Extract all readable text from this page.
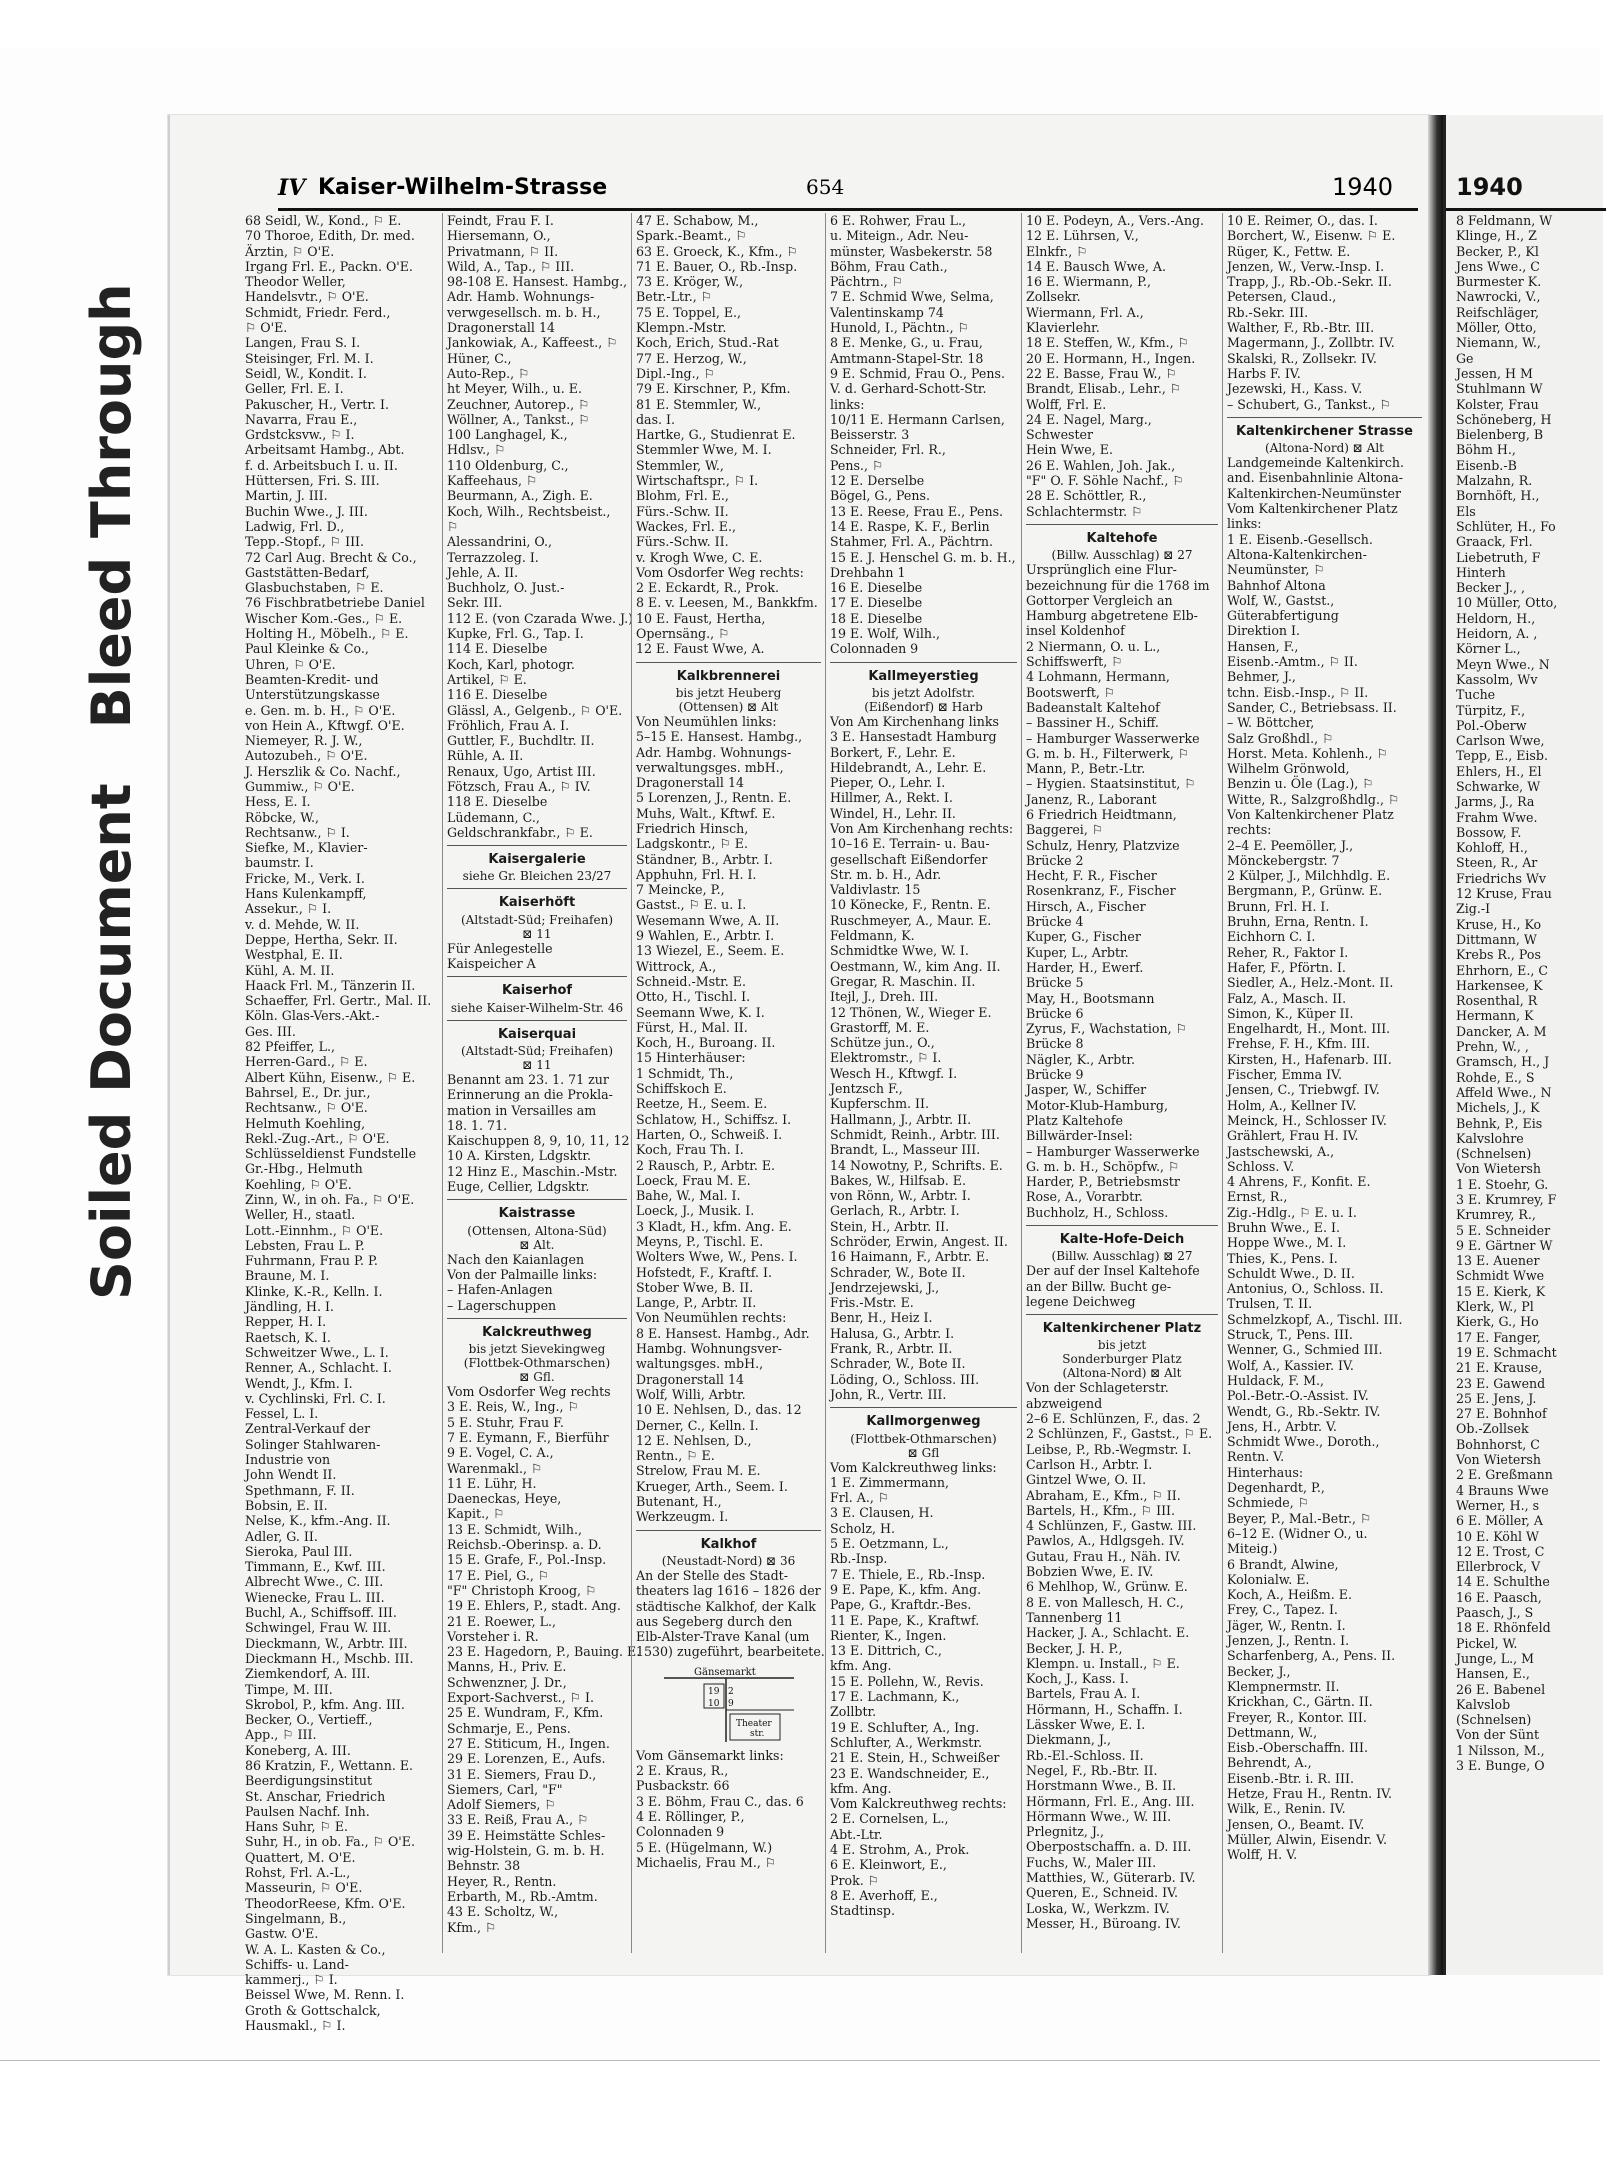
Soiled DocumentBleed Through
IV Kaiser-Wilhelm-Strasse	654	1940
68 Seidl, W., Kond., ⚐ E.
70 Thoroe, Edith, Dr. med.
Ärztin, ⚐ O'E.
Irgang Frl. E., Packn. O'E.
Theodor Weller,
Handelsvtr., ⚐ O'E.
Schmidt, Friedr. Ferd.,
⚐ O'E.
Langen, Frau S. I.
Steisinger, Frl. M. I.
Seidl, W., Kondit. I.
Geller, Frl. E. I.
Pakuscher, H., Vertr. I.
Navarra, Frau E.,
Grdstcksvw., ⚐ I.
Arbeitsamt Hambg., Abt.
f. d. Arbeitsbuch I. u. II.
Hüttersen, Fri. S. III.
Martin, J. III.
Buchin Wwe., J. III.
Ladwig, Frl. D.,
Tepp.-Stopf., ⚐ III.
72 Carl Aug. Brecht & Co.,
Gaststätten-Bedarf,
Glasbuchstaben, ⚐ E.
76 Fischbratbetriebe Daniel
Wischer Kom.-Ges., ⚐ E.
Holting H., Möbelh., ⚐ E.
Paul Kleinke & Co.,
Uhren, ⚐ O'E.
Beamten-Kredit- und
Unterstützungskasse
e. Gen. m. b. H., ⚐ O'E.
von Hein A., Kftwgf. O'E.
Niemeyer, R. J. W.,
Autozubeh., ⚐ O'E.
J. Herszlik & Co. Nachf.,
Gummiw., ⚐ O'E.
Hess, E. I.
Röbcke, W.,
Rechtsanw., ⚐ I.
Siefke, M., Klavier-
baumstr. I.
Fricke, M., Verk. I.
Hans Kulenkampff,
Assekur., ⚐ I.
v. d. Mehde, W. II.
Deppe, Hertha, Sekr. II.
Westphal, E. II.
Kühl, A. M. II.
Haack Frl. M., Tänzerin II.
Schaeffer, Frl. Gertr., Mal. II.
Köln. Glas-Vers.-Akt.-
Ges. III.
82 Pfeiffer, L.,
Herren-Gard., ⚐ E.
Albert Kühn, Eisenw., ⚐ E.
Bahrsel, E., Dr. jur.,
Rechtsanw., ⚐ O'E.
Helmuth Koehling,
Rekl.-Zug.-Art., ⚐ O'E.
Schlüsseldienst Fundstelle
Gr.-Hbg., Helmuth
Koehling, ⚐ O'E.
Zinn, W., in oh. Fa., ⚐ O'E.
Weller, H., staatl.
Lott.-Einnhm., ⚐ O'E.
Lebsten, Frau L. P.
Fuhrmann, Frau P. P.
Braune, M. I.
Klinke, K.-R., Kelln. I.
Jändling, H. I.
Repper, H. I.
Raetsch, K. I.
Schweitzer Wwe., L. I.
Renner, A., Schlacht. I.
Wendt, J., Kfm. I.
v. Cychlinski, Frl. C. I.
Fessel, L. I.
Zentral-Verkauf der
Solinger Stahlwaren-
Industrie von
John Wendt II.
Spethmann, F. II.
Bobsin, E. II.
Nelse, K., kfm.-Ang. II.
Adler, G. II.
Sieroka, Paul III.
Timmann, E., Kwf. III.
Albrecht Wwe., C. III.
Wienecke, Frau L. III.
Buchl, A., Schiffsoff. III.
Schwingel, Frau W. III.
Dieckmann, W., Arbtr. III.
Dieckmann H., Mschb. III.
Ziemkendorf, A. III.
Timpe, M. III.
Skrobol, P., kfm. Ang. III.
Becker, O., Vertieff.,
App., ⚐ III.
Koneberg, A. III.
86 Kratzin, F., Wettann. E.
Beerdigungsinstitut
St. Anschar, Friedrich
Paulsen Nachf. Inh.
Hans Suhr, ⚐ E.
Suhr, H., in ob. Fa., ⚐ O'E.
Quattert, M. O'E.
Rohst, Frl. A.-L.,
Masseurin, ⚐ O'E.
TheodorReese, Kfm. O'E.
Singelmann, B.,
Gastw. O'E.
W. A. L. Kasten & Co.,
Schiffs- u. Land-
kammerj., ⚐ I.
Beissel Wwe, M. Renn. I.
Groth & Gottschalck,
Hausmakl., ⚐ I.
Feindt, Frau F. I.
Hiersemann, O.,
Privatmann, ⚐ II.
Wild, A., Tap., ⚐ III.
98-108 E. Hansest. Hambg.,
Adr. Hamb. Wohnungs-
verwgesellsch. m. b. H.,
Dragonerstall 14
Jankowiak, A., Kaffeest., ⚐
Hüner, C.,
Auto-Rep., ⚐
ht Meyer, Wilh., u. E.
Zeuchner, Autorep., ⚐
Wöllner, A., Tankst., ⚐
100 Langhagel, K.,
Hdlsv., ⚐
110 Oldenburg, C.,
Kaffeehaus, ⚐
Beurmann, A., Zigh. E.
Koch, Wilh., Rechtsbeist.,
⚐
Alessandrini, O.,
Terrazzoleg. I.
Jehle, A. II.
Buchholz, O. Just.-
Sekr. III.
112 E. (von Czarada Wwe. J.)
Kupke, Frl. G., Tap. I.
114 E. Dieselbe
Koch, Karl, photogr.
Artikel, ⚐ E.
116 E. Dieselbe
Glässl, A., Gelgenb., ⚐ O'E.
Fröhlich, Frau A. I.
Guttler, F., Buchdltr. II.
Rühle, A. II.
Renaux, Ugo, Artist III.
Fötzsch, Frau A., ⚐ IV.
118 E. Dieselbe
Lüdemann, C.,
Geldschrankfabr., ⚐ E.
Kaisergalerie
siehe Gr. Bleichen 23/27
Kaiserhöft
(Altstadt-Süd; Freihafen)
⊠ 11
Für Anlegestelle
Kaispeicher A
Kaiserhof
siehe Kaiser-Wilhelm-Str. 46
Kaiserquai
(Altstadt-Süd; Freihafen)
⊠ 11
Benannt am 23. 1. 71 zur
Erinnerung an die Prokla-
mation in Versailles am
18. 1. 71.
Kaischuppen 8, 9, 10, 11, 12
10 A. Kirsten, Ldgsktr.
12 Hinz E., Maschin.-Mstr.
Euge, Cellier, Ldgsktr.
Kaistrasse
(Ottensen, Altona-Süd)
⊠ Alt.
Nach den Kaianlagen
Von der Palmaille links:
– Hafen-Anlagen
– Lagerschuppen
Kalckreuthweg
bis jetzt Sievekingweg
(Flottbek-Othmarschen)
⊠ Gfl.
Vom Osdorfer Weg rechts
3 E. Reis, W., Ing., ⚐
5 E. Stuhr, Frau F.
7 E. Eymann, F., Bierführ
9 E. Vogel, C. A.,
Warenmakl., ⚐
11 E. Lühr, H.
Daeneckas, Heye,
Kapit., ⚐
13 E. Schmidt, Wilh.,
Reichsb.-Oberinsp. a. D.
15 E. Grafe, F., Pol.-Insp.
17 E. Piel, G., ⚐
"F" Christoph Kroog, ⚐
19 E. Ehlers, P., stadt. Ang.
21 E. Roewer, L.,
Vorsteher i. R.
23 E. Hagedorn, P., Bauing. E.
Manns, H., Priv. E.
Schwenzner, J. Dr.,
Export-Sachverst., ⚐ I.
25 E. Wundram, F., Kfm.
Schmarje, E., Pens.
27 E. Stiticum, H., Ingen.
29 E. Lorenzen, E., Aufs.
31 E. Siemers, Frau D.,
Siemers, Carl, "F"
Adolf Siemers, ⚐
33 E. Reiß, Frau A., ⚐
39 E. Heimstätte Schles-
wig-Holstein, G. m. b. H.
Behnstr. 38
Heyer, R., Rentn.
Erbarth, M., Rb.-Amtm.
43 E. Scholtz, W.,
Kfm., ⚐
47 E. Schabow, M.,
Spark.-Beamt., ⚐
63 E. Groeck, K., Kfm., ⚐
71 E. Bauer, O., Rb.-Insp.
73 E. Kröger, W.,
Betr.-Ltr., ⚐
75 E. Toppel, E.,
Klempn.-Mstr.
Koch, Erich, Stud.-Rat
77 E. Herzog, W.,
Dipl.-Ing., ⚐
79 E. Kirschner, P., Kfm.
81 E. Stemmler, W.,
das. I.
Hartke, G., Studienrat E.
Stemmler Wwe, M. I.
Stemmler, W.,
Wirtschaftspr., ⚐ I.
Blohm, Frl. E.,
Fürs.-Schw. II.
Wackes, Frl. E.,
Fürs.-Schw. II.
v. Krogh Wwe, C. E.
Vom Osdorfer Weg rechts:
2 E. Eckardt, R., Prok.
8 E. v. Leesen, M., Bankkfm.
10 E. Faust, Hertha,
Opernsäng., ⚐
12 E. Faust Wwe, A.
Kalkbrennerei
bis jetzt Heuberg
(Ottensen) ⊠ Alt
Von Neumühlen links:
5–15 E. Hansest. Hambg.,
Adr. Hambg. Wohnungs-
verwaltungsges. mbH.,
Dragonerstall 14
5 Lorenzen, J., Rentn. E.
Muhs, Walt., Kftwf. E.
Friedrich Hinsch,
Ladgskontr., ⚐ E.
Ständner, B., Arbtr. I.
Apphuhn, Frl. H. I.
7 Meincke, P.,
Gastst., ⚐ E. u. I.
Wesemann Wwe, A. II.
9 Wahlen, E., Arbtr. I.
13 Wiezel, E., Seem. E.
Wittrock, A.,
Schneid.-Mstr. E.
Otto, H., Tischl. I.
Seemann Wwe, K. I.
Fürst, H., Mal. II.
Koch, H., Buroang. II.
15 Hinterhäuser:
1 Schmidt, Th.,
Schiffskoch E.
Reetze, H., Seem. E.
Schlatow, H., Schiffsz. I.
Harten, O., Schweiß. I.
Koch, Frau Th. I.
2 Rausch, P., Arbtr. E.
Loeck, Frau M. E.
Bahe, W., Mal. I.
Loeck, J., Musik. I.
3 Kladt, H., kfm. Ang. E.
Meyns, P., Tischl. E.
Wolters Wwe, W., Pens. I.
Hofstedt, F., Kraftf. I.
Stober Wwe, B. II.
Lange, P., Arbtr. II.
Von Neumühlen rechts:
8 E. Hansest. Hambg., Adr.
Hambg. Wohnungsver-
waltungsges. mbH.,
Dragonerstall 14
Wolf, Willi, Arbtr.
10 E. Nehlsen, D., das. 12
Derner, C., Kelln. I.
12 E. Nehlsen, D.,
Rentn., ⚐ E.
Strelow, Frau M. E.
Krueger, Arth., Seem. I.
Butenant, H.,
Werkzeugm. I.
Kalkhof
(Neustadt-Nord) ⊠ 36
An der Stelle des Stadt-
theaters lag 1616 – 1826 der
städtische Kalkhof, der Kalk
aus Segeberg durch den
Elb-Alster-Trave Kanal (um
1530) zugeführt, bearbeitete.
Gänsemarkt
19 2
10 9
Theater
str.
Vom Gänsemarkt links:
2 E. Kraus, R.,
Pusbackstr. 66
3 E. Böhm, Frau C., das. 6
4 E. Röllinger, P.,
Colonnaden 9
5 E. (Hügelmann, W.)
Michaelis, Frau M., ⚐
6 E. Rohwer, Frau L.,
u. Miteign., Adr. Neu-
münster, Wasbekerstr. 58
Böhm, Frau Cath.,
Pächtrn., ⚐
7 E. Schmid Wwe, Selma,
Valentinskamp 74
Hunold, I., Pächtn., ⚐
8 E. Menke, G., u. Frau,
Amtmann-Stapel-Str. 18
9 E. Schmid, Frau O., Pens.
V. d. Gerhard-Schott-Str.
links:
10/11 E. Hermann Carlsen,
Beisserstr. 3
Schneider, Frl. R.,
Pens., ⚐
12 E. Derselbe
Bögel, G., Pens.
13 E. Reese, Frau E., Pens.
14 E. Raspe, K. F., Berlin
Stahmer, Frl. A., Pächtrn.
15 E. J. Henschel G. m. b. H.,
Drehbahn 1
16 E. Dieselbe
17 E. Dieselbe
18 E. Dieselbe
19 E. Wolf, Wilh.,
Colonnaden 9
Kallmeyerstieg
bis jetzt Adolfstr.
(Eißendorf) ⊠ Harb
Von Am Kirchenhang links
3 E. Hansestadt Hamburg
Borkert, F., Lehr. E.
Hildebrandt, A., Lehr. E.
Pieper, O., Lehr. I.
Hillmer, A., Rekt. I.
Windel, H., Lehr. II.
Von Am Kirchenhang rechts:
10–16 E. Terrain- u. Bau-
gesellschaft Eißendorfer
Str. m. b. H., Adr.
Valdivlastr. 15
10 Könecke, F., Rentn. E.
Ruschmeyer, A., Maur. E.
Feldmann, K.
Schmidtke Wwe, W. I.
Oestmann, W., kim Ang. II.
Gregar, R. Maschin. II.
Itejl, J., Dreh. III.
12 Thönen, W., Wieger E.
Grastorff, M. E.
Schütze jun., O.,
Elektromstr., ⚐ I.
Wesch H., Kftwgf. I.
Jentzsch F.,
Kupferschm. II.
Hallmann, J., Arbtr. II.
Schmidt, Reinh., Arbtr. III.
Brandt, L., Masseur III.
14 Nowotny, P., Schrifts. E.
Bakes, W., Hilfsab. E.
von Rönn, W., Arbtr. I.
Gerlach, R., Arbtr. I.
Stein, H., Arbtr. II.
Schröder, Erwin, Angest. II.
16 Haimann, F., Arbtr. E.
Schrader, W., Bote II.
Jendrzejewski, J.,
Fris.-Mstr. E.
Benr, H., Heiz I.
Halusa, G., Arbtr. I.
Frank, R., Arbtr. II.
Schrader, W., Bote II.
Löding, O., Schloss. III.
John, R., Vertr. III.
Kallmorgenweg
(Flottbek-Othmarschen)
⊠ Gfl
Vom Kalckreuthweg links:
1 E. Zimmermann,
Frl. A., ⚐
3 E. Clausen, H.
Scholz, H.
5 E. Oetzmann, L.,
Rb.-Insp.
7 E. Thiele, E., Rb.-Insp.
9 E. Pape, K., kfm. Ang.
Pape, G., Kraftdr.-Bes.
11 E. Pape, K., Kraftwf.
Rienter, K., Ingen.
13 E. Dittrich, C.,
kfm. Ang.
15 E. Pollehn, W., Revis.
17 E. Lachmann, K.,
Zollbtr.
19 E. Schlufter, A., Ing.
Schlufter, A., Werkmstr.
21 E. Stein, H., Schweißer
23 E. Wandschneider, E.,
kfm. Ang.
Vom Kalckreuthweg rechts:
2 E. Cornelsen, L.,
Abt.-Ltr.
4 E. Strohm, A., Prok.
6 E. Kleinwort, E.,
Prok. ⚐
8 E. Averhoff, E.,
Stadtinsp.
10 E. Podeyn, A., Vers.-Ang.
12 E. Lührsen, V.,
Elnkfr., ⚐
14 E. Bausch Wwe, A.
16 E. Wiermann, P.,
Zollsekr.
Wiermann, Frl. A.,
Klavierlehr.
18 E. Steffen, W., Kfm., ⚐
20 E. Hormann, H., Ingen.
22 E. Basse, Frau W., ⚐
Brandt, Elisab., Lehr., ⚐
Wolff, Frl. E.
24 E. Nagel, Marg.,
Schwester
Hein Wwe, E.
26 E. Wahlen, Joh. Jak.,
"F" O. F. Söhle Nachf., ⚐
28 E. Schöttler, R.,
Schlachtermstr. ⚐
Kaltehofe
(Billw. Ausschlag) ⊠ 27
Ursprünglich eine Flur-
bezeichnung für die 1768 im
Gottorper Vergleich an
Hamburg abgetretene Elb-
insel Koldenhof
2 Niermann, O. u. L.,
Schiffswerft, ⚐
4 Lohmann, Hermann,
Bootswerft, ⚐
Badeanstalt Kaltehof
– Bassiner H., Schiff.
– Hamburger Wasserwerke
G. m. b. H., Filterwerk, ⚐
Mann, P., Betr.-Ltr.
– Hygien. Staatsinstitut, ⚐
Janenz, R., Laborant
6 Friedrich Heidtmann,
Baggerei, ⚐
Schulz, Henry, Platzvize
Brücke 2
Hecht, F. R., Fischer
Rosenkranz, F., Fischer
Hirsch, A., Fischer
Brücke 4
Kuper, G., Fischer
Kuper, L., Arbtr.
Harder, H., Ewerf.
Brücke 5
May, H., Bootsmann
Brücke 6
Zyrus, F., Wachstation, ⚐
Brücke 8
Nägler, K., Arbtr.
Brücke 9
Jasper, W., Schiffer
Motor-Klub-Hamburg,
Platz Kaltehofe
Billwärder-Insel:
– Hamburger Wasserwerke
G. m. b. H., Schöpfw., ⚐
Harder, P., Betriebsmstr
Rose, A., Vorarbtr.
Buchholz, H., Schloss.
Kalte-Hofe-Deich
(Billw. Ausschlag) ⊠ 27
Der auf der Insel Kaltehofe
an der Billw. Bucht ge-
legene Deichweg
Kaltenkirchener Platz
bis jetzt
Sonderburger Platz
(Altona-Nord) ⊠ Alt
Von der Schlageterstr.
abzweigend
2–6 E. Schlünzen, F., das. 2
2 Schlünzen, F., Gastst., ⚐ E.
Leibse, P., Rb.-Wegmstr. I.
Carlson H., Arbtr. I.
Gintzel Wwe, O. II.
Abraham, E., Kfm., ⚐ II.
Bartels, H., Kfm., ⚐ III.
4 Schlünzen, F., Gastw. III.
Pawlos, A., Hdlgsgeh. IV.
Gutau, Frau H., Näh. IV.
Bobzien Wwe, E. IV.
6 Mehlhop, W., Grünw. E.
8 E. von Mallesch, H. C.,
Tannenberg 11
Hacker, J. A., Schlacht. E.
Becker, J. H. P.,
Klempn. u. Install., ⚐ E.
Koch, J., Kass. I.
Bartels, Frau A. I.
Hörmann, H., Schaffn. I.
Lässker Wwe, E. I.
Diekmann, J.,
Rb.-El.-Schloss. II.
Negel, F., Rb.-Btr. II.
Horstmann Wwe., B. II.
Hörmann, Frl. E., Ang. III.
Hörmann Wwe., W. III.
Prlegnitz, J.,
Oberpostschaffn. a. D. III.
Fuchs, W., Maler III.
Matthies, W., Güterarb. IV.
Queren, E., Schneid. IV.
Loska, W., Werkzm. IV.
Messer, H., Büroang. IV.
10 E. Reimer, O., das. I.
Borchert, W., Eisenw. ⚐ E.
Rüger, K., Fettw. E.
Jenzen, W., Verw.-Insp. I.
Trapp, J., Rb.-Ob.-Sekr. II.
Petersen, Claud.,
Rb.-Sekr. III.
Walther, F., Rb.-Btr. III.
Magermann, J., Zollbtr. IV.
Skalski, R., Zollsekr. IV.
Harbs F. IV.
Jezewski, H., Kass. V.
– Schubert, G., Tankst., ⚐
Kaltenkirchener Strasse
(Altona-Nord) ⊠ Alt
Landgemeinde Kaltenkirch.
and. Eisenbahnlinie Altona-
Kaltenkirchen-Neumünster
Vom Kaltenkirchener Platz
links:
1 E. Eisenb.-Gesellsch.
Altona-Kaltenkirchen-
Neumünster, ⚐
Bahnhof Altona
Wolf, W., Gastst.,
Güterabfertigung
Direktion I.
Hansen, F.,
Eisenb.-Amtm., ⚐ II.
Behmer, J.,
tchn. Eisb.-Insp., ⚐ II.
Sander, C., Betriebsass. II.
– W. Böttcher,
Salz Großhdl., ⚐
Horst. Meta. Kohlenh., ⚐
Wilhelm Grönwold,
Benzin u. Öle (Lag.), ⚐
Witte, R., Salzgroßhdlg., ⚐
Von Kaltenkirchener Platz
rechts:
2–4 E. Peemöller, J.,
Mönckebergstr. 7
2 Külper, J., Milchhdlg. E.
Bergmann, P., Grünw. E.
Brunn, Frl. H. I.
Bruhn, Erna, Rentn. I.
Eichhorn C. I.
Reher, R., Faktor I.
Hafer, F., Pförtn. I.
Siedler, A., Helz.-Mont. II.
Falz, A., Masch. II.
Simon, K., Küper II.
Engelhardt, H., Mont. III.
Frehse, F. H., Kfm. III.
Kirsten, H., Hafenarb. III.
Fischer, Emma IV.
Jensen, C., Triebwgf. IV.
Holm, A., Kellner IV.
Meinck, H., Schlosser IV.
Grählert, Frau H. IV.
Jastschewski, A.,
Schloss. V.
4 Ahrens, F., Konfit. E.
Ernst, R.,
Zig.-Hdlg., ⚐ E. u. I.
Bruhn Wwe., E. I.
Hoppe Wwe., M. I.
Thies, K., Pens. I.
Schuldt Wwe., D. II.
Antonius, O., Schloss. II.
Trulsen, T. II.
Schmelzkopf, A., Tischl. III.
Struck, T., Pens. III.
Wenner, G., Schmied III.
Wolf, A., Kassier. IV.
Huldack, F. M.,
Pol.-Betr.-O.-Assist. IV.
Wendt, G., Rb.-Sektr. IV.
Jens, H., Arbtr. V.
Schmidt Wwe., Doroth.,
Rentn. V.
Hinterhaus:
Degenhardt, P.,
Schmiede, ⚐
Beyer, P., Mal.-Betr., ⚐
6–12 E. (Widner O., u.
Miteig.)
6 Brandt, Alwine,
Kolonialw. E.
Koch, A., Heißm. E.
Frey, C., Tapez. I.
Jäger, W., Rentn. I.
Jenzen, J., Rentn. I.
Scharfenberg, A., Pens. II.
Becker, J.,
Klempnermstr. II.
Krickhan, C., Gärtn. II.
Freyer, R., Kontor. III.
Dettmann, W.,
Eisb.-Oberschaffn. III.
Behrendt, A.,
Eisenb.-Btr. i. R. III.
Hetze, Frau H., Rentn. IV.
Wilk, E., Renin. IV.
Jensen, O., Beamt. IV.
Müller, Alwin, Eisendr. V.
Wolff, H. V.
1940
8 Feldmann, W
Klinge, H., Z
Becker, P., Kl
Jens Wwe., C
Burmester K.
Nawrocki, V.,
Reifschläger,
Möller, Otto,
Niemann, W.,
Ge
Jessen, H M
Stuhlmann W
Kolster, Frau
Schöneberg, H
Bielenberg, B
Böhm H.,
Eisenb.-B
Malzahn, R.
Bornhöft, H.,
Els
Schlüter, H., Fo
Graack, Frl.
Liebetruth, F
Hinterh
Becker J., ,
10 Müller, Otto,
Heldorn, H.,
Heidorn, A. ,
Körner L.,
Meyn Wwe., N
Kassolm, Wv
Tuche
Türpitz, F.,
Pol.-Oberw
Carlson Wwe,
Tepp, E., Eisb.
Ehlers, H., El
Schwarke, W
Jarms, J., Ra
Frahm Wwe.
Bossow, F.
Kohloff, H.,
Steen, R., Ar
Friedrichs Wv
12 Kruse, Frau
Zig.-I
Kruse, H., Ko
Dittmann, W
Krebs R., Pos
Ehrhorn, E., C
Harkensee, K
Rosenthal, R
Hermann, K
Dancker, A. M
Prehn, W., ,
Gramsch, H., J
Rohde, E., S
Affeld Wwe., N
Michels, J., K
Behnk, P., Eis
Kalvslohre
(Schnelsen)
Von Wietersh
1 E. Stoehr, G.
3 E. Krumrey, F
Krumrey, R.,
5 E. Schneider
9 E. Gärtner W
13 E. Auener
Schmidt Wwe
15 E. Kierk, K
Klerk, W., Pl
Kierk, G., Ho
17 E. Fanger,
19 E. Schmacht
21 E. Krause,
23 E. Gawend
25 E. Jens, J.
27 E. Bohnhof
Ob.-Zollsek
Bohnhorst, C
Von Wietersh
2 E. Greßmann
4 Brauns Wwe
Werner, H., s
6 E. Möller, A
10 E. Köhl W
12 E. Trost, C
Ellerbrock, V
14 E. Schulthe
16 E. Paasch,
Paasch, J., S
18 E. Rhönfeld
Pickel, W.
Junge, L., M
Hansen, E.,
26 E. Babenel
Kalvslob
(Schnelsen)
Von der Sünt
1 Nilsson, M.,
3 E. Bunge, O
